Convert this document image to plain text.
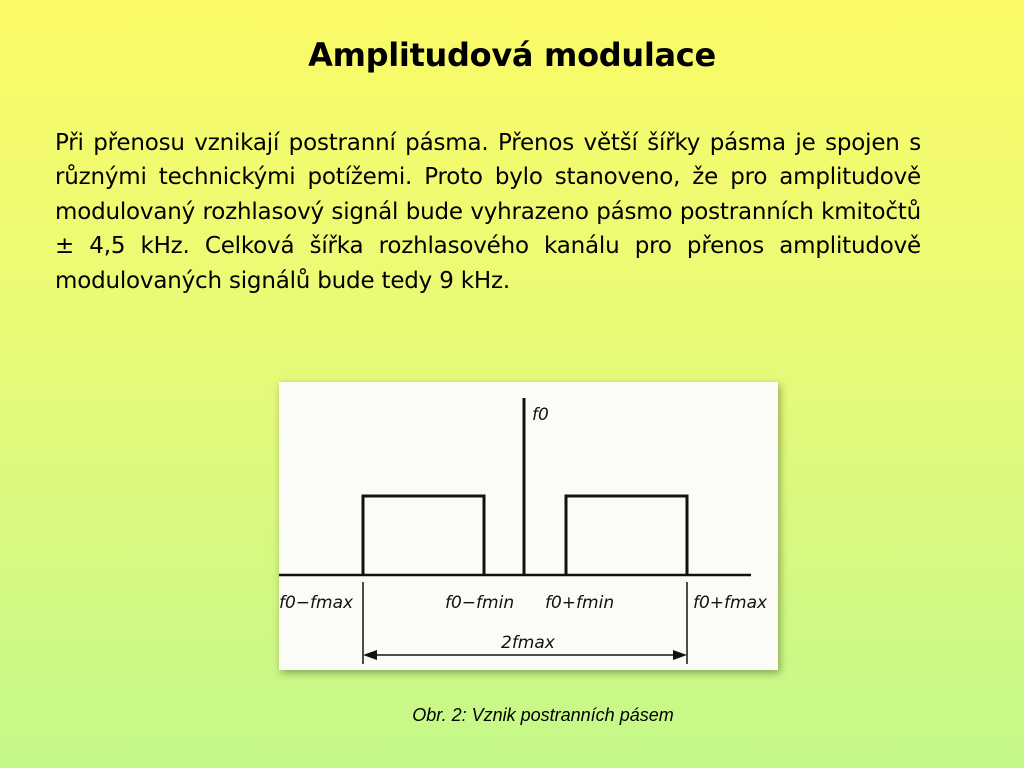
Amplitudová modulace

Při přenosu vznikají postranní pásma. Přenos větší šířky pásma je spojen s různými technickými potížemi. Proto bylo stanoveno, že pro amplitudově modulovaný rozhlasový signál bude vyhrazeno pásmo postranních kmitočtů ± 4,5 kHz. Celková šířka rozhlasového kanálu pro přenos amplitudově modulovaných signálů bude tedy 9 kHz.

f0
f0−fmax	f0−fmin f0+fmin	f0+fmax
2fmax
Obr. 2: Vznik postranních pásem
